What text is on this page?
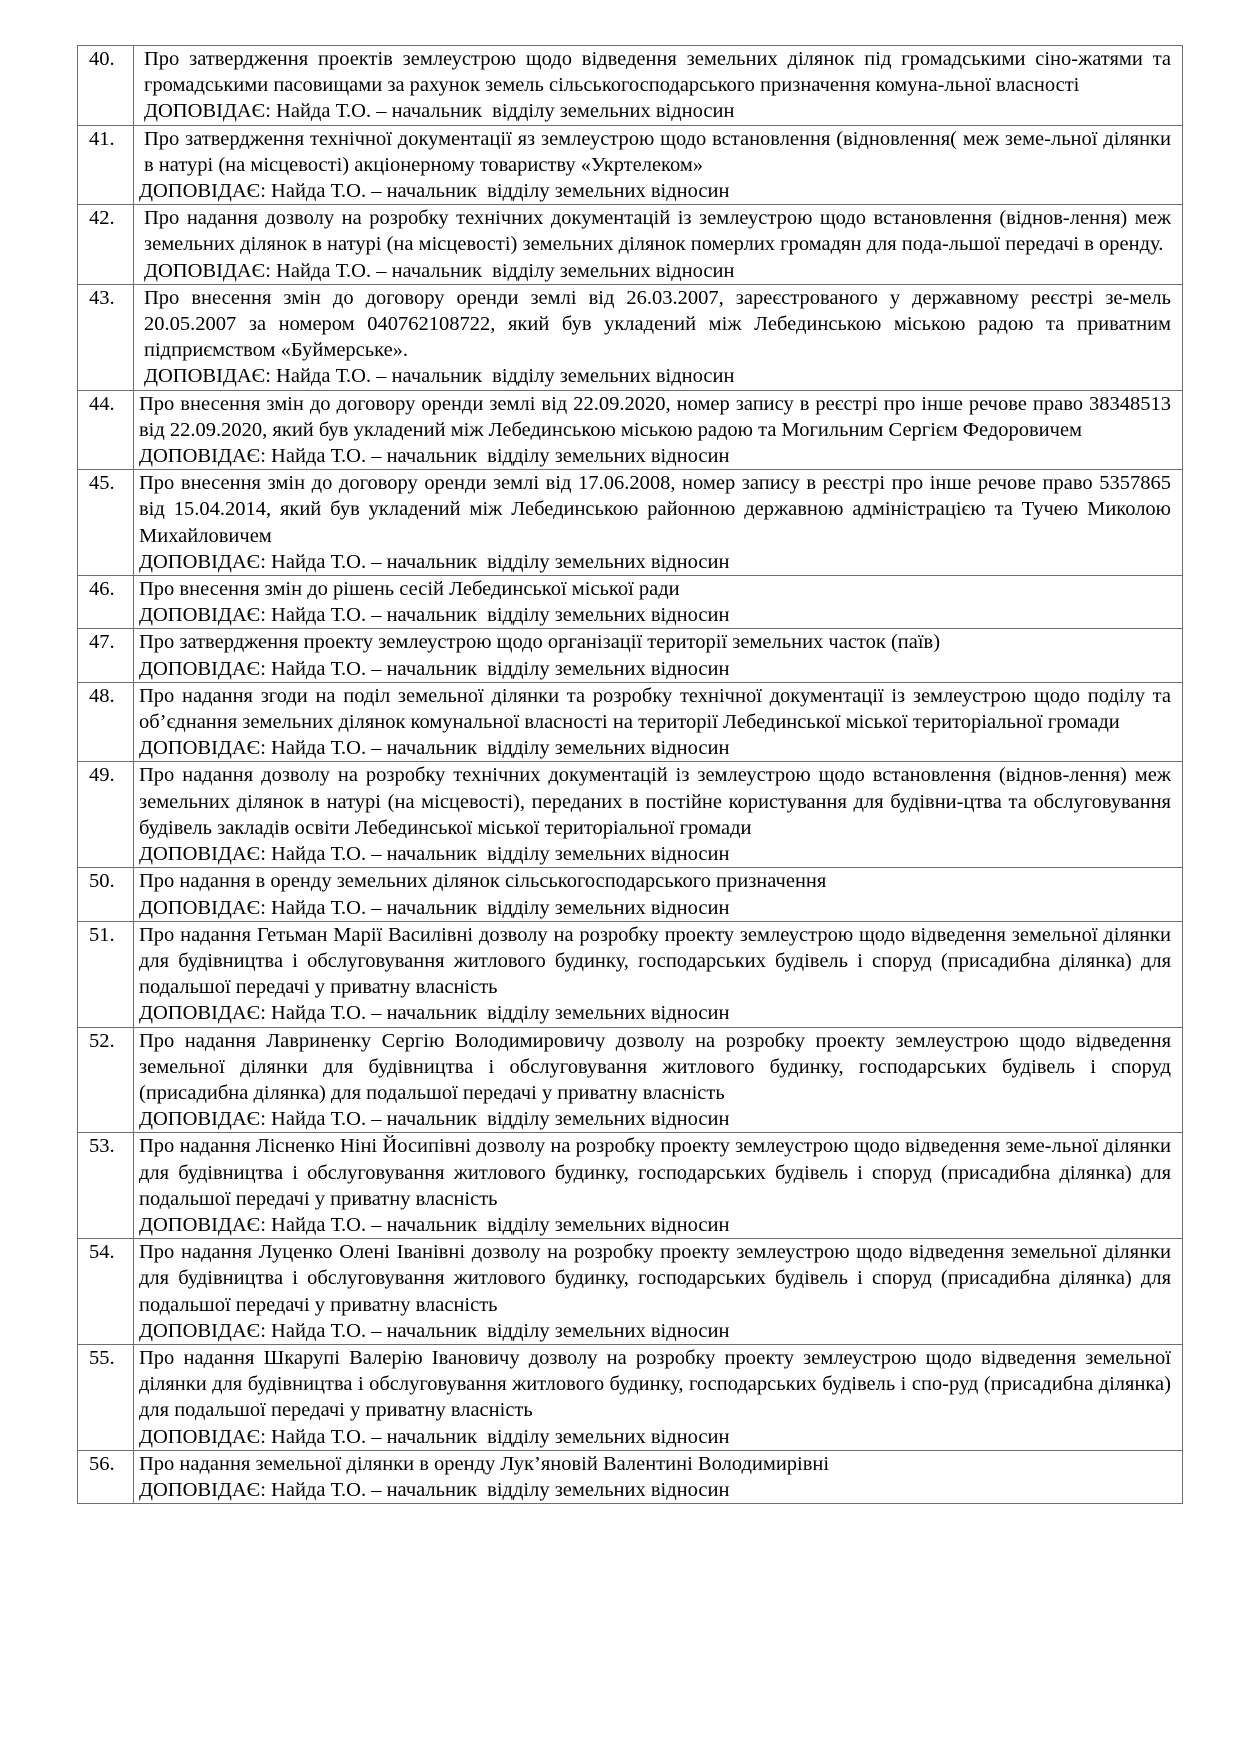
40.	Про затвердження проектів землеустрою щодо відведення земельних ділянок під громадськими сіно-жатями та громадськими пасовищами за рахунок земель сільськогосподарського призначення комуна-льної власності
ДОПОВІДАЄ: Найда Т.О. – начальник  відділу земельних відносин

41.	Про затвердження технічної документації яз землеустрою щодо встановлення (відновлення( меж земе-льної ділянки в натурі (на місцевості) акціонерному товариству «Укртелеком»
ДОПОВІДАЄ: Найда Т.О. – начальник  відділу земельних відносин

42.	Про надання дозволу на розробку технічних документацій із землеустрою щодо встановлення (віднов-лення) меж земельних ділянок в натурі (на місцевості) земельних ділянок померлих громадян для пода-льшої передачі в оренду.
ДОПОВІДАЄ: Найда Т.О. – начальник  відділу земельних відносин

43.	Про внесення змін до договору оренди землі від 26.03.2007, зареєстрованого у державному реєстрі зе-мель 20.05.2007 за номером 040762108722, який був укладений між Лебединською міською радою та приватним підприємством «Буймерське».
ДОПОВІДАЄ: Найда Т.О. – начальник  відділу земельних відносин

44.	Про внесення змін до договору оренди землі від 22.09.2020, номер запису в реєстрі про інше речове право 38348513 від 22.09.2020, який був укладений між Лебединською міською радою та Могильним Сергієм Федоровичем
ДОПОВІДАЄ: Найда Т.О. – начальник  відділу земельних відносин

45.	Про внесення змін до договору оренди землі від 17.06.2008, номер запису в реєстрі про інше речове право 5357865 від 15.04.2014, який був укладений між Лебединською районною державною адміністрацією та Тучею Миколою Михайловичем
ДОПОВІДАЄ: Найда Т.О. – начальник  відділу земельних відносин

46.	Про внесення змін до рішень сесій Лебединської міської ради
ДОПОВІДАЄ: Найда Т.О. – начальник  відділу земельних відносин

47.	Про затвердження проекту землеустрою щодо організації території земельних часток (паїв)
ДОПОВІДАЄ: Найда Т.О. – начальник  відділу земельних відносин

48.	Про надання згоди на поділ земельної ділянки та розробку технічної документації із землеустрою щодо поділу та об’єднання земельних ділянок комунальної власності на території Лебединської міської територіальної громади
ДОПОВІДАЄ: Найда Т.О. – начальник  відділу земельних відносин

49.	Про надання дозволу на розробку технічних документацій із землеустрою щодо встановлення (віднов-лення) меж земельних ділянок в натурі (на місцевості), переданих в постійне користування для будівни-цтва та обслуговування будівель закладів освіти Лебединської міської територіальної громади
ДОПОВІДАЄ: Найда Т.О. – начальник  відділу земельних відносин

50.	Про надання в оренду земельних ділянок сільськогосподарського призначення
ДОПОВІДАЄ: Найда Т.О. – начальник  відділу земельних відносин

51.	Про надання Гетьман Марії Василівні дозволу на розробку проекту землеустрою щодо відведення земельної ділянки для будівництва і обслуговування житлового будинку, господарських будівель і споруд (присадибна ділянка) для подальшої передачі у приватну власність
ДОПОВІДАЄ: Найда Т.О. – начальник  відділу земельних відносин

52.	Про надання Лавриненку Сергію Володимировичу дозволу на розробку проекту землеустрою щодо відведення земельної ділянки для будівництва і обслуговування житлового будинку, господарських будівель і споруд (присадибна ділянка) для подальшої передачі у приватну власність
ДОПОВІДАЄ: Найда Т.О. – начальник  відділу земельних відносин

53.	Про надання Лісненко Ніні Йосипівні дозволу на розробку проекту землеустрою щодо відведення земе-льної ділянки для будівництва і обслуговування житлового будинку, господарських будівель і споруд (присадибна ділянка) для подальшої передачі у приватну власність
ДОПОВІДАЄ: Найда Т.О. – начальник  відділу земельних відносин

54.	Про надання Луценко Олені Іванівні дозволу на розробку проекту землеустрою щодо відведення земельної ділянки для будівництва і обслуговування житлового будинку, господарських будівель і споруд (присадибна ділянка) для подальшої передачі у приватну власність
ДОПОВІДАЄ: Найда Т.О. – начальник  відділу земельних відносин

55.	Про надання Шкарупі Валерію Івановичу дозволу на розробку проекту землеустрою щодо відведення земельної ділянки для будівництва і обслуговування житлового будинку, господарських будівель і спо-руд (присадибна ділянка) для подальшої передачі у приватну власність
ДОПОВІДАЄ: Найда Т.О. – начальник  відділу земельних відносин

56.	Про надання земельної ділянки в оренду Лук’яновій Валентині Володимирівні
ДОПОВІДАЄ: Найда Т.О. – начальник  відділу земельних відносин
